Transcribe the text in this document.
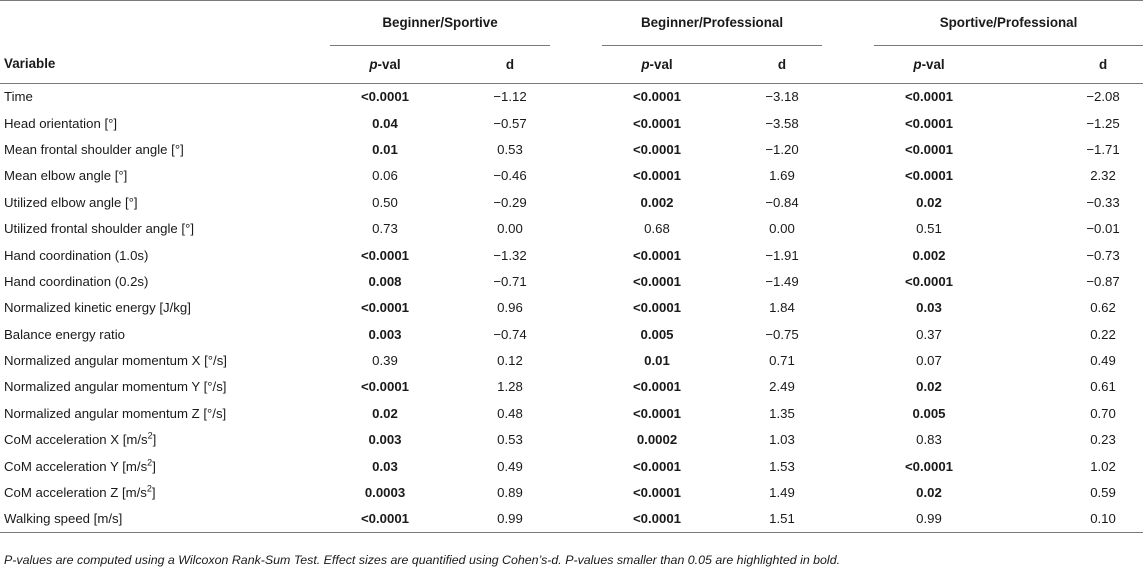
	Beginner/Sportive			Beginner/Professional			Sportive/Professional	
Variable	p-val	d		p-val	d		p-val	d
Time	<0.0001	−1.12		<0.0001	−3.18		<0.0001	−2.08
Head orientation [°]	0.04	−0.57		<0.0001	−3.58		<0.0001	−1.25
Mean frontal shoulder angle [°]	0.01	0.53		<0.0001	−1.20		<0.0001	−1.71
Mean elbow angle [°]	0.06	−0.46		<0.0001	1.69		<0.0001	2.32
Utilized elbow angle [°]	0.50	−0.29		0.002	−0.84		0.02	−0.33
Utilized frontal shoulder angle [°]	0.73	0.00		0.68	0.00		0.51	−0.01
Hand coordination (1.0s)	<0.0001	−1.32		<0.0001	−1.91		0.002	−0.73
Hand coordination (0.2s)	0.008	−0.71		<0.0001	−1.49		<0.0001	−0.87
Normalized kinetic energy [J/kg]	<0.0001	0.96		<0.0001	1.84		0.03	0.62
Balance energy ratio	0.003	−0.74		0.005	−0.75		0.37	0.22
Normalized angular momentum X [°/s]	0.39	0.12		0.01	0.71		0.07	0.49
Normalized angular momentum Y [°/s]	<0.0001	1.28		<0.0001	2.49		0.02	0.61
Normalized angular momentum Z [°/s]	0.02	0.48		<0.0001	1.35		0.005	0.70
CoM acceleration X $[m/s^2]$	0.003	0.53		0.0002	1.03		0.83	0.23
CoM acceleration Y $[m/s^2]$	0.03	0.49		<0.0001	1.53		<0.0001	1.02
CoM acceleration Z $[m/s^2]$	0.0003	0.89		<0.0001	1.49		0.02	0.59
Walking speed [m/s]	<0.0001	0.99		<0.0001	1.51		0.99	0.10
P-values are computed using a Wilcoxon Rank-Sum Test. Effect sizes are quantified using Cohen’s-d. P-values smaller than 0.05 are highlighted in bold.
